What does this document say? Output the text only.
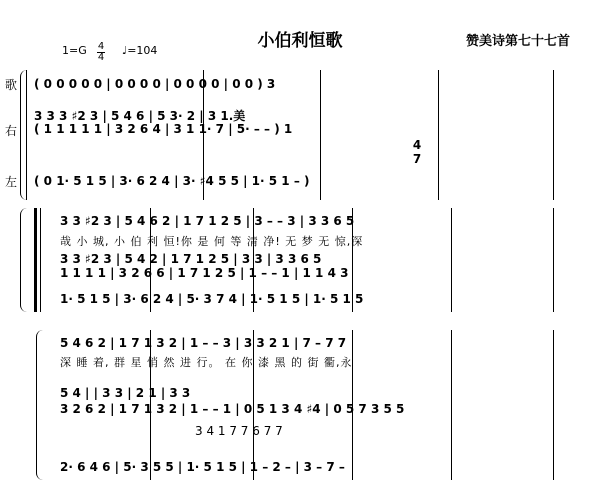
小伯利恒歌	赞美诗第七十七首
$1=G \frac{4}{4}$ ♩=104
歌
右
左
( 0 0 0 0 0 | 0 0 0 0 | 0 0 0 0 | 0 0 ) 3
3 3 3 ♯2 3 | 5 4 6 | 5 3· 2 | 3 1.美
( 1 1 1 1 1 | 3 2 6 4 | 3 1 1· 7 | 5· – – ) 1
4 7
( 0 1· 5 1 5 | 3· 6 2 4 | 3· ♯4 5 5 | 1· 5 1 – )
3 3 ♯2 3 | 5 4 6 2 | 1 7 1 2 5 | 3 – – 3 | 3 3 6 5
哉 小 城, 小 伯 利 恒!你 是 何 等 清 净! 无 梦 无 惊,深
3 3 ♯2 3 | 5 4 2 | 1 7 1 2 5 | 3 3 | 3 3 6 5
1 1 1 1 | 3 2 6 6 | 1 7 1 2 5 | 1 – – 1 | 1 1 4 3
1· 5 1 5 | 3· 6 2 4 | 5· 3 7 4 | 1· 5 1 5 | 1· 5 1 5
5 4 6 2 | 1 7 1 3 2 | 1 – – 3 | 3 3 2 1 | 7 – 7 7
深 睡 着, 群 星 悄 然 进 行。 在 你 漆 黑 的 街 衢,永
5 4 | | 3 3 | 2 1 | 3 3
3 2 6 2 | 1 7 1 3 2 | 1 – – 1 | 0 5 1 3 4 ♯4 | 0 5 7 3 5 5
3 4 1 7 7 6 7 7
2· 6 4 6 | 5· 3 5 5 | 1· 5 1 5 | 1 – 2 – | 3 – 7 –
